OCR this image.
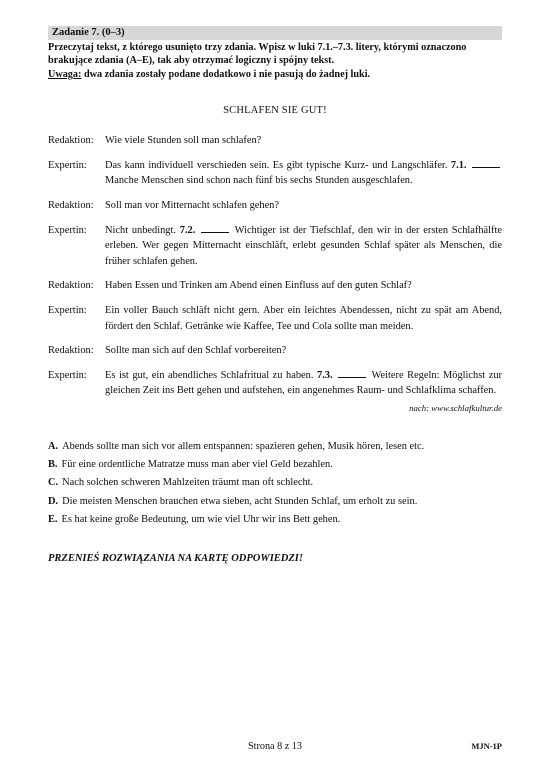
Zadanie 7. (0–3)
Przeczytaj tekst, z którego usunięto trzy zdania. Wpisz w luki 7.1.–7.3. litery, którymi oznaczono brakujące zdania (A–E), tak aby otrzymać logiczny i spójny tekst.
Uwaga: dwa zdania zostały podane dodatkowo i nie pasują do żadnej luki.
SCHLAFEN SIE GUT!
Redaktion:	Wie viele Stunden soll man schlafen?
Expertin:	Das kann individuell verschieden sein. Es gibt typische Kurz- und Langschläfer. 7.1.  Manche Menschen sind schon nach fünf bis sechs Stunden ausgeschlafen.
Redaktion:	Soll man vor Mitternacht schlafen gehen?
Expertin:	Nicht unbedingt. 7.2.	Wichtiger ist der Tiefschlaf, den wir in der ersten Schlafhälfte erleben. Wer gegen Mitternacht einschläft, erlebt gesunden Schlaf später als Menschen, die früher schlafen gehen.
Redaktion:	Haben Essen und Trinken am Abend einen Einfluss auf den guten Schlaf?
Expertin:	Ein voller Bauch schläft nicht gern. Aber ein leichtes Abendessen, nicht zu spät am Abend, fördert den Schlaf. Getränke wie Kaffee, Tee und Cola sollte man meiden.
Redaktion:	Sollte man sich auf den Schlaf vorbereiten?
Expertin:	Es ist gut, ein abendliches Schlafritual zu haben. 7.3.	Weitere Regeln: Möglichst zur gleichen Zeit ins Bett gehen und aufstehen, ein angenehmes Raum- und Schlafklima schaffen.
nach: www.schlafkultur.de
A. Abends sollte man sich vor allem entspannen: spazieren gehen, Musik hören, lesen etc.
B. Für eine ordentliche Matratze muss man aber viel Geld bezahlen.
C. Nach solchen schweren Mahlzeiten träumt man oft schlecht.
D. Die meisten Menschen brauchen etwa sieben, acht Stunden Schlaf, um erholt zu sein.
E. Es hat keine große Bedeutung, um wie viel Uhr wir ins Bett gehen.
PRZENIEŚ ROZWIĄZANIA NA KARTĘ ODPOWIEDZI!
Strona 8 z 13	MJN-1P
